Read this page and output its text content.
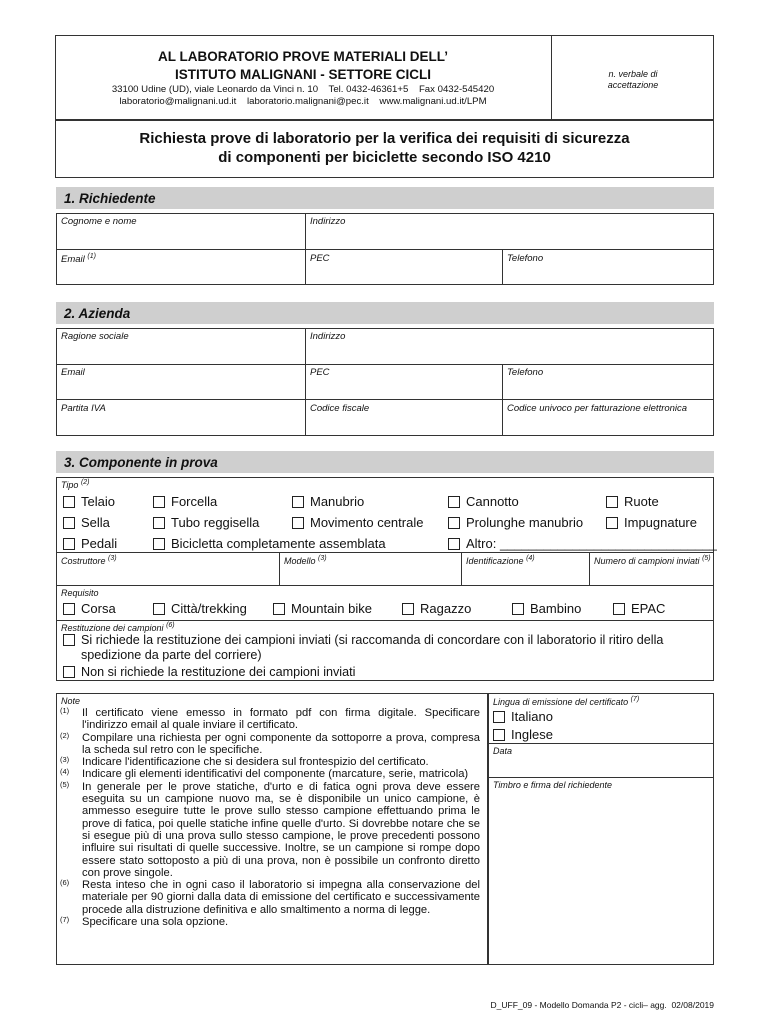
AL LABORATORIO PROVE MATERIALI DELL’
ISTITUTO MALIGNANI - SETTORE CICLI
33100 Udine (UD), viale Leonardo da Vinci n. 10    Tel. 0432-46361+5    Fax 0432-545420
laboratorio@malignani.ud.it    laboratorio.malignani@pec.it    www.malignani.ud.it/LPM
n. verbale di
accettazione
Richiesta prove di laboratorio per la verifica dei requisiti di sicurezza
di componenti per biciclette secondo ISO 4210
1. Richiedente
Cognome e nome	Indirizzo
Email $^{(1)}$	PEC	Telefono
2. Azienda
Ragione sociale	Indirizzo
Email	PEC	Telefono
Partita IVA	Codice fiscale	Codice univoco per fatturazione elettronica
3. Componente in prova
Tipo $^{(2)}$
Telaio	Forcella	Manubrio	Cannotto	Ruote
Sella	Tubo reggisella	Movimento centrale	Prolunghe manubrio	Impugnature
Pedali	Bicicletta completamente assemblata	Altro: ______________________________
Costruttore $^{(3)}$	Modello $^{(3)}$	Identificazione $^{(4)}$	Numero di campioni inviati $^{(5)}$
Requisito
Corsa	Città/trekking	Mountain bike	Ragazzo	Bambino	EPAC
Restituzione dei campioni $^{(6)}$
Si richiede la restituzione dei campioni inviati (si raccomanda di concordare con il laboratorio il ritiro della
spedizione da parte del corriere)
Non si richiede la restituzione dei campioni inviati
Note
(1) Il certificato viene emesso in formato pdf con firma digitale. Specificare l'indirizzo email al quale inviare il certificato.
(2) Compilare una richiesta per ogni componente da sottoporre a prova, compresa la scheda sul retro con le specifiche.
(3) Indicare l'identificazione che si desidera sul frontespizio del certificato.
(4) Indicare gli elementi identificativi del componente (marcature, serie, matricola)
(5) In generale per le prove statiche, d'urto e di fatica ogni prova deve essere eseguita su un campione nuovo ma, se è disponibile un unico campione, è ammesso eseguire tutte le prove sullo stesso campione effettuando prima le prove di fatica, poi quelle statiche infine quelle d'urto. Si dovrebbe notare che se si esegue più di una prova sullo stesso campione, le prove precedenti possono influire sui risultati di quelle successive. Inoltre, se un campione si rompe dopo essere stato sottoposto a più di una prova, non è possibile un confronto diretto con prove singole.
(6) Resta inteso che in ogni caso il laboratorio si impegna alla conservazione del materiale per 90 giorni dalla data di emissione del certificato e successivamente procede alla distruzione definitiva e allo smaltimento a norma di legge.
(7) Specificare una sola opzione.
Lingua di emissione del certificato $^{(7)}$
Italiano
Inglese
Data
Timbro e firma del richiedente
D_UFF_09 - Modello Domanda P2 - cicli– agg.  02/08/2019
